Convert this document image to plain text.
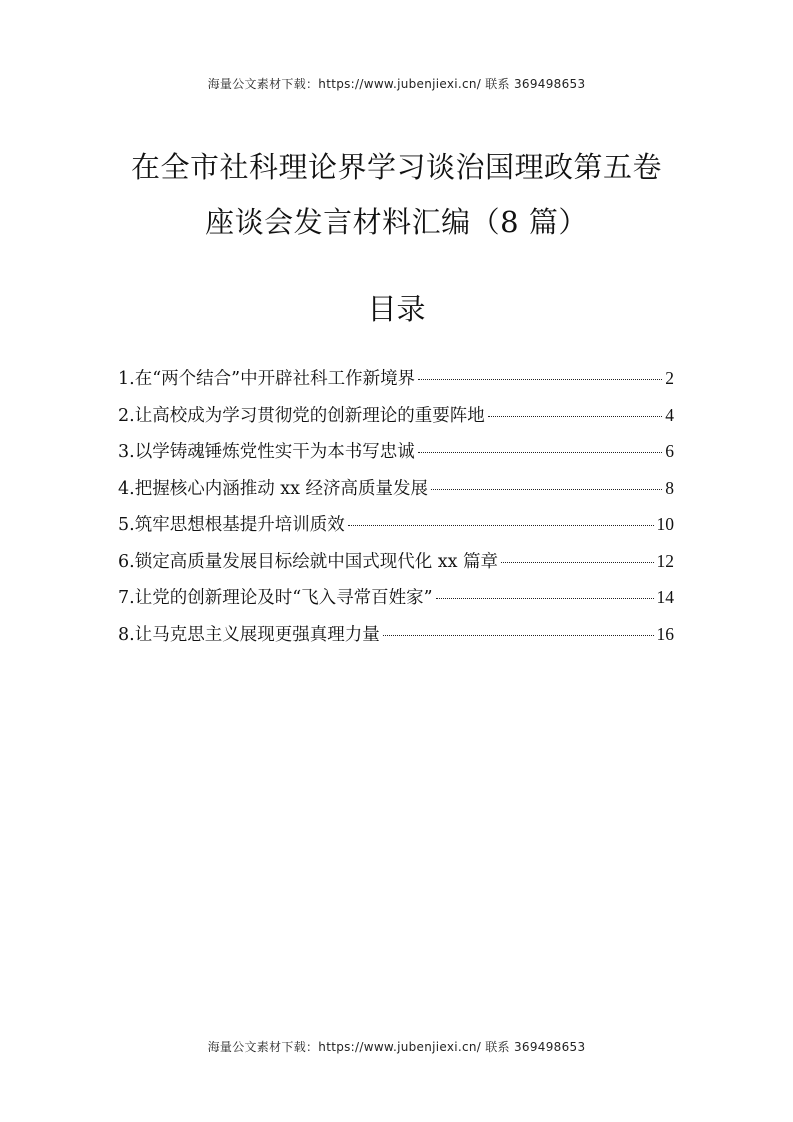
海量公文素材下载：https://www.jubenjiexi.cn/ 联系 369498653
在全市社科理论界学习谈治国理政第五卷
座谈会发言材料汇编（8 篇）
目录
1.在“两个结合”中开辟社科工作新境界	2
2.让高校成为学习贯彻党的创新理论的重要阵地	4
3.以学铸魂锤炼党性实干为本书写忠诚	6
4.把握核心内涵推动 xx 经济高质量发展	8
5.筑牢思想根基提升培训质效	10
6.锁定高质量发展目标绘就中国式现代化 xx 篇章	12
7.让党的创新理论及时“飞入寻常百姓家”	14
8.让马克思主义展现更强真理力量	16
海量公文素材下载：https://www.jubenjiexi.cn/ 联系 369498653
